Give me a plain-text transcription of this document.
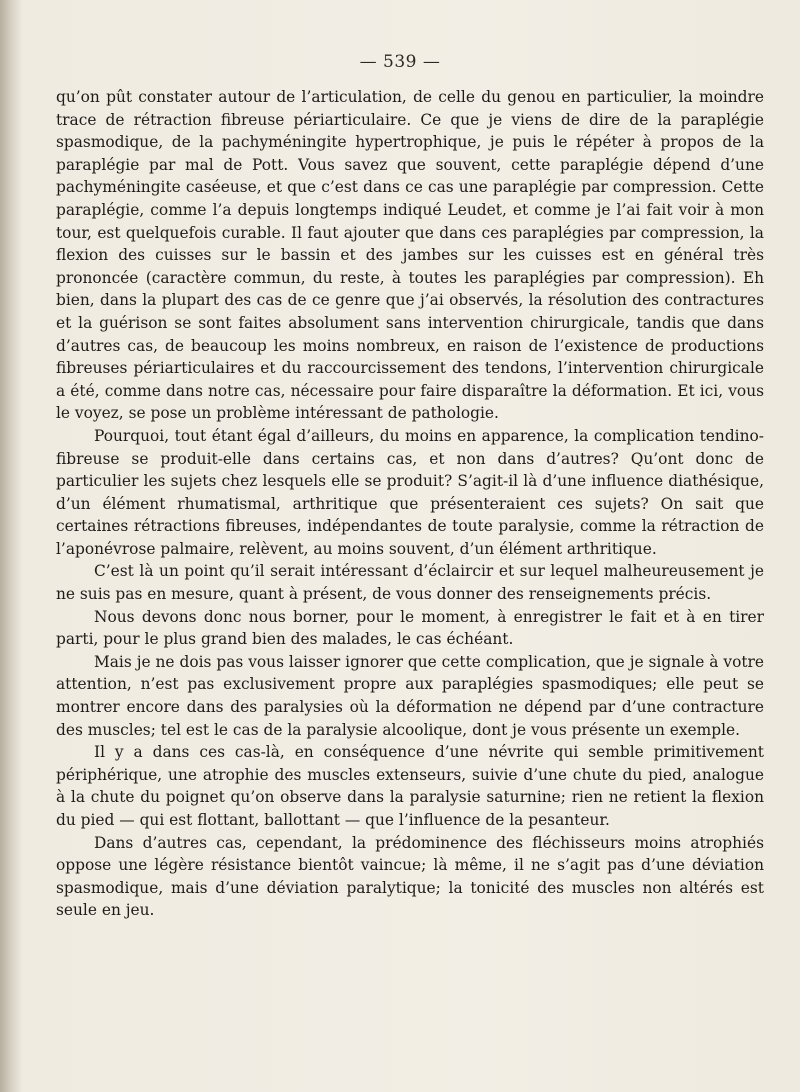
— 539 —

qu’on pût constater autour de l’articulation, de celle du genou en particulier, la moindre trace de rétraction fibreuse périarticulaire. Ce que je viens de dire de la paraplégie spasmodique, de la pachyméningite hypertrophique, je puis le répéter à propos de la paraplégie par mal de Pott. Vous savez que souvent, cette paraplégie dépend d’une pachyméningite caséeuse, et que c’est dans ce cas une paraplégie par compression. Cette paraplégie, comme l’a depuis longtemps indiqué Leudet, et comme je l’ai fait voir à mon tour, est quelquefois curable. Il faut ajouter que dans ces paraplégies par compression, la flexion des cuisses sur le bassin et des jambes sur les cuisses est en général très prononcée (caractère commun, du reste, à toutes les paraplégies par compression). Eh bien, dans la plupart des cas de ce genre que j’ai observés, la résolution des contractures et la guérison se sont faites absolument sans intervention chirurgicale, tandis que dans d’autres cas, de beaucoup les moins nombreux, en raison de l’existence de productions fibreuses périarticulaires et du raccourcissement des tendons, l’intervention chirurgicale a été, comme dans notre cas, nécessaire pour faire disparaître la déformation. Et ici, vous le voyez, se pose un problème intéressant de pathologie.

Pourquoi, tout étant égal d’ailleurs, du moins en apparence, la complication tendino-fibreuse se produit-elle dans certains cas, et non dans d’autres? Qu’ont donc de particulier les sujets chez lesquels elle se produit? S’agit-il là d’une influence diathésique, d’un élément rhumatismal, arthritique que présenteraient ces sujets? On sait que certaines rétractions fibreuses, indépendantes de toute paralysie, comme la rétraction de l’aponévrose palmaire, relèvent, au moins souvent, d’un élément arthritique.

C’est là un point qu’il serait intéressant d’éclaircir et sur lequel malheureusement je ne suis pas en mesure, quant à présent, de vous donner des renseignements précis.

Nous devons donc nous borner, pour le moment, à enregistrer le fait et à en tirer parti, pour le plus grand bien des malades, le cas échéant.

Mais je ne dois pas vous laisser ignorer que cette complication, que je signale à votre attention, n’est pas exclusivement propre aux paraplégies spasmodiques; elle peut se montrer encore dans des paralysies où la déformation ne dépend par d’une contracture des muscles; tel est le cas de la paralysie alcoolique, dont je vous présente un exemple.

Il y a dans ces cas-là, en conséquence d’une névrite qui semble primitivement périphérique, une atrophie des muscles extenseurs, suivie d’une chute du pied, analogue à la chute du poignet qu’on observe dans la paralysie saturnine; rien ne retient la flexion du pied — qui est flottant, ballottant — que l’influence de la pesanteur.

Dans d’autres cas, cependant, la prédominence des fléchisseurs moins atrophiés oppose une légère résistance bientôt vaincue; là même, il ne s’agit pas d’une déviation spasmodique, mais d’une déviation paralytique; la tonicité des muscles non altérés est seule en jeu.
